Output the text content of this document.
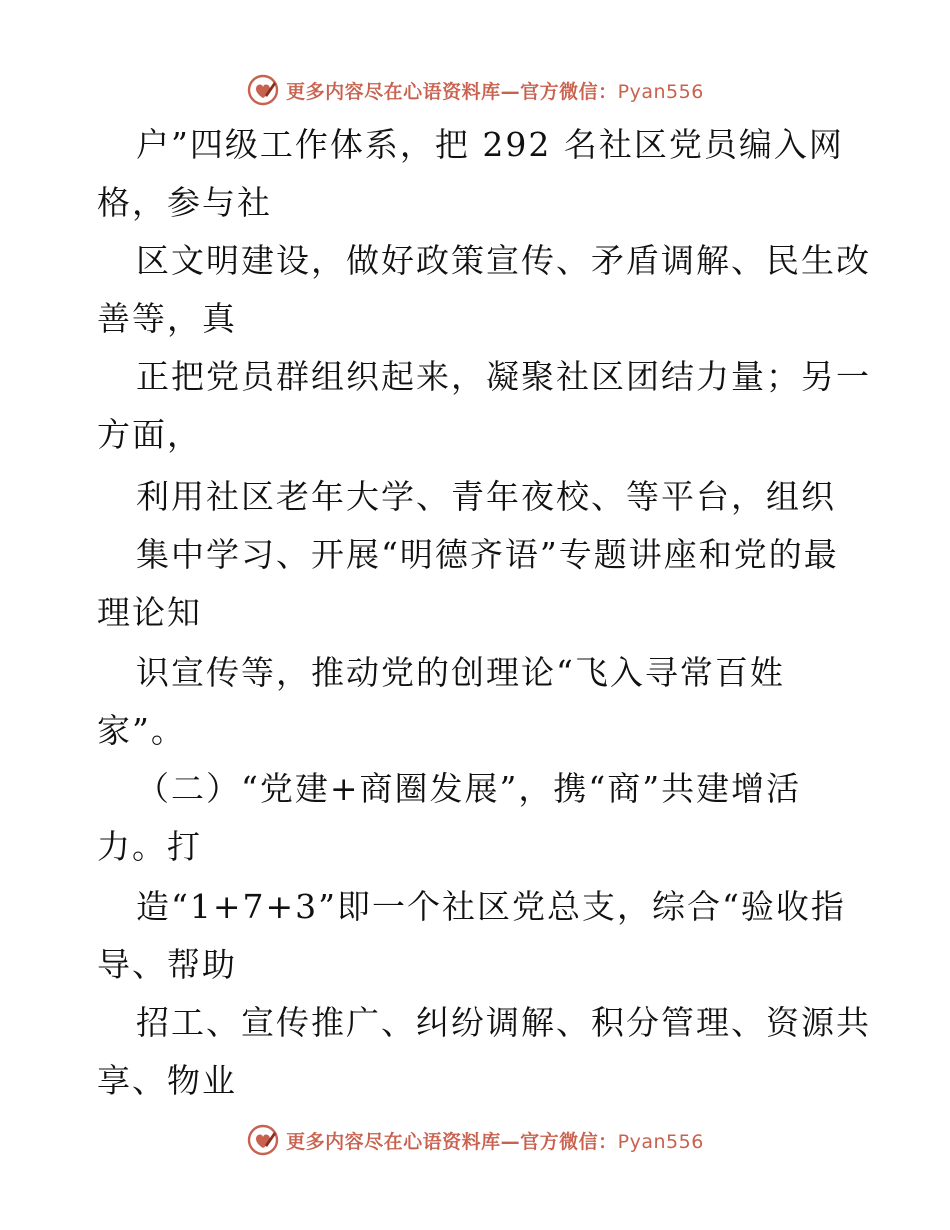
更多内容尽在心语资料库—官方微信：Pyan556
户”四级工作体系，把 292 名社区党员编入网
格，参与社
区文明建设，做好政策宣传、矛盾调解、民生改
善等，真
正把党员群组织起来，凝聚社区团结力量；另一
方面，
利用社区老年大学、青年夜校、等平台，组织
集中学习、开展“明德齐语”专题讲座和党的最
理论知
识宣传等，推动党的创理论“飞入寻常百姓
家”。
（二）“党建+商圈发展”，携“商”共建增活
力。打
造“1+7+3”即一个社区党总支，综合“验收指
导、帮助
招工、宣传推广、纠纷调解、积分管理、资源共
享、物业
更多内容尽在心语资料库—官方微信：Pyan556
